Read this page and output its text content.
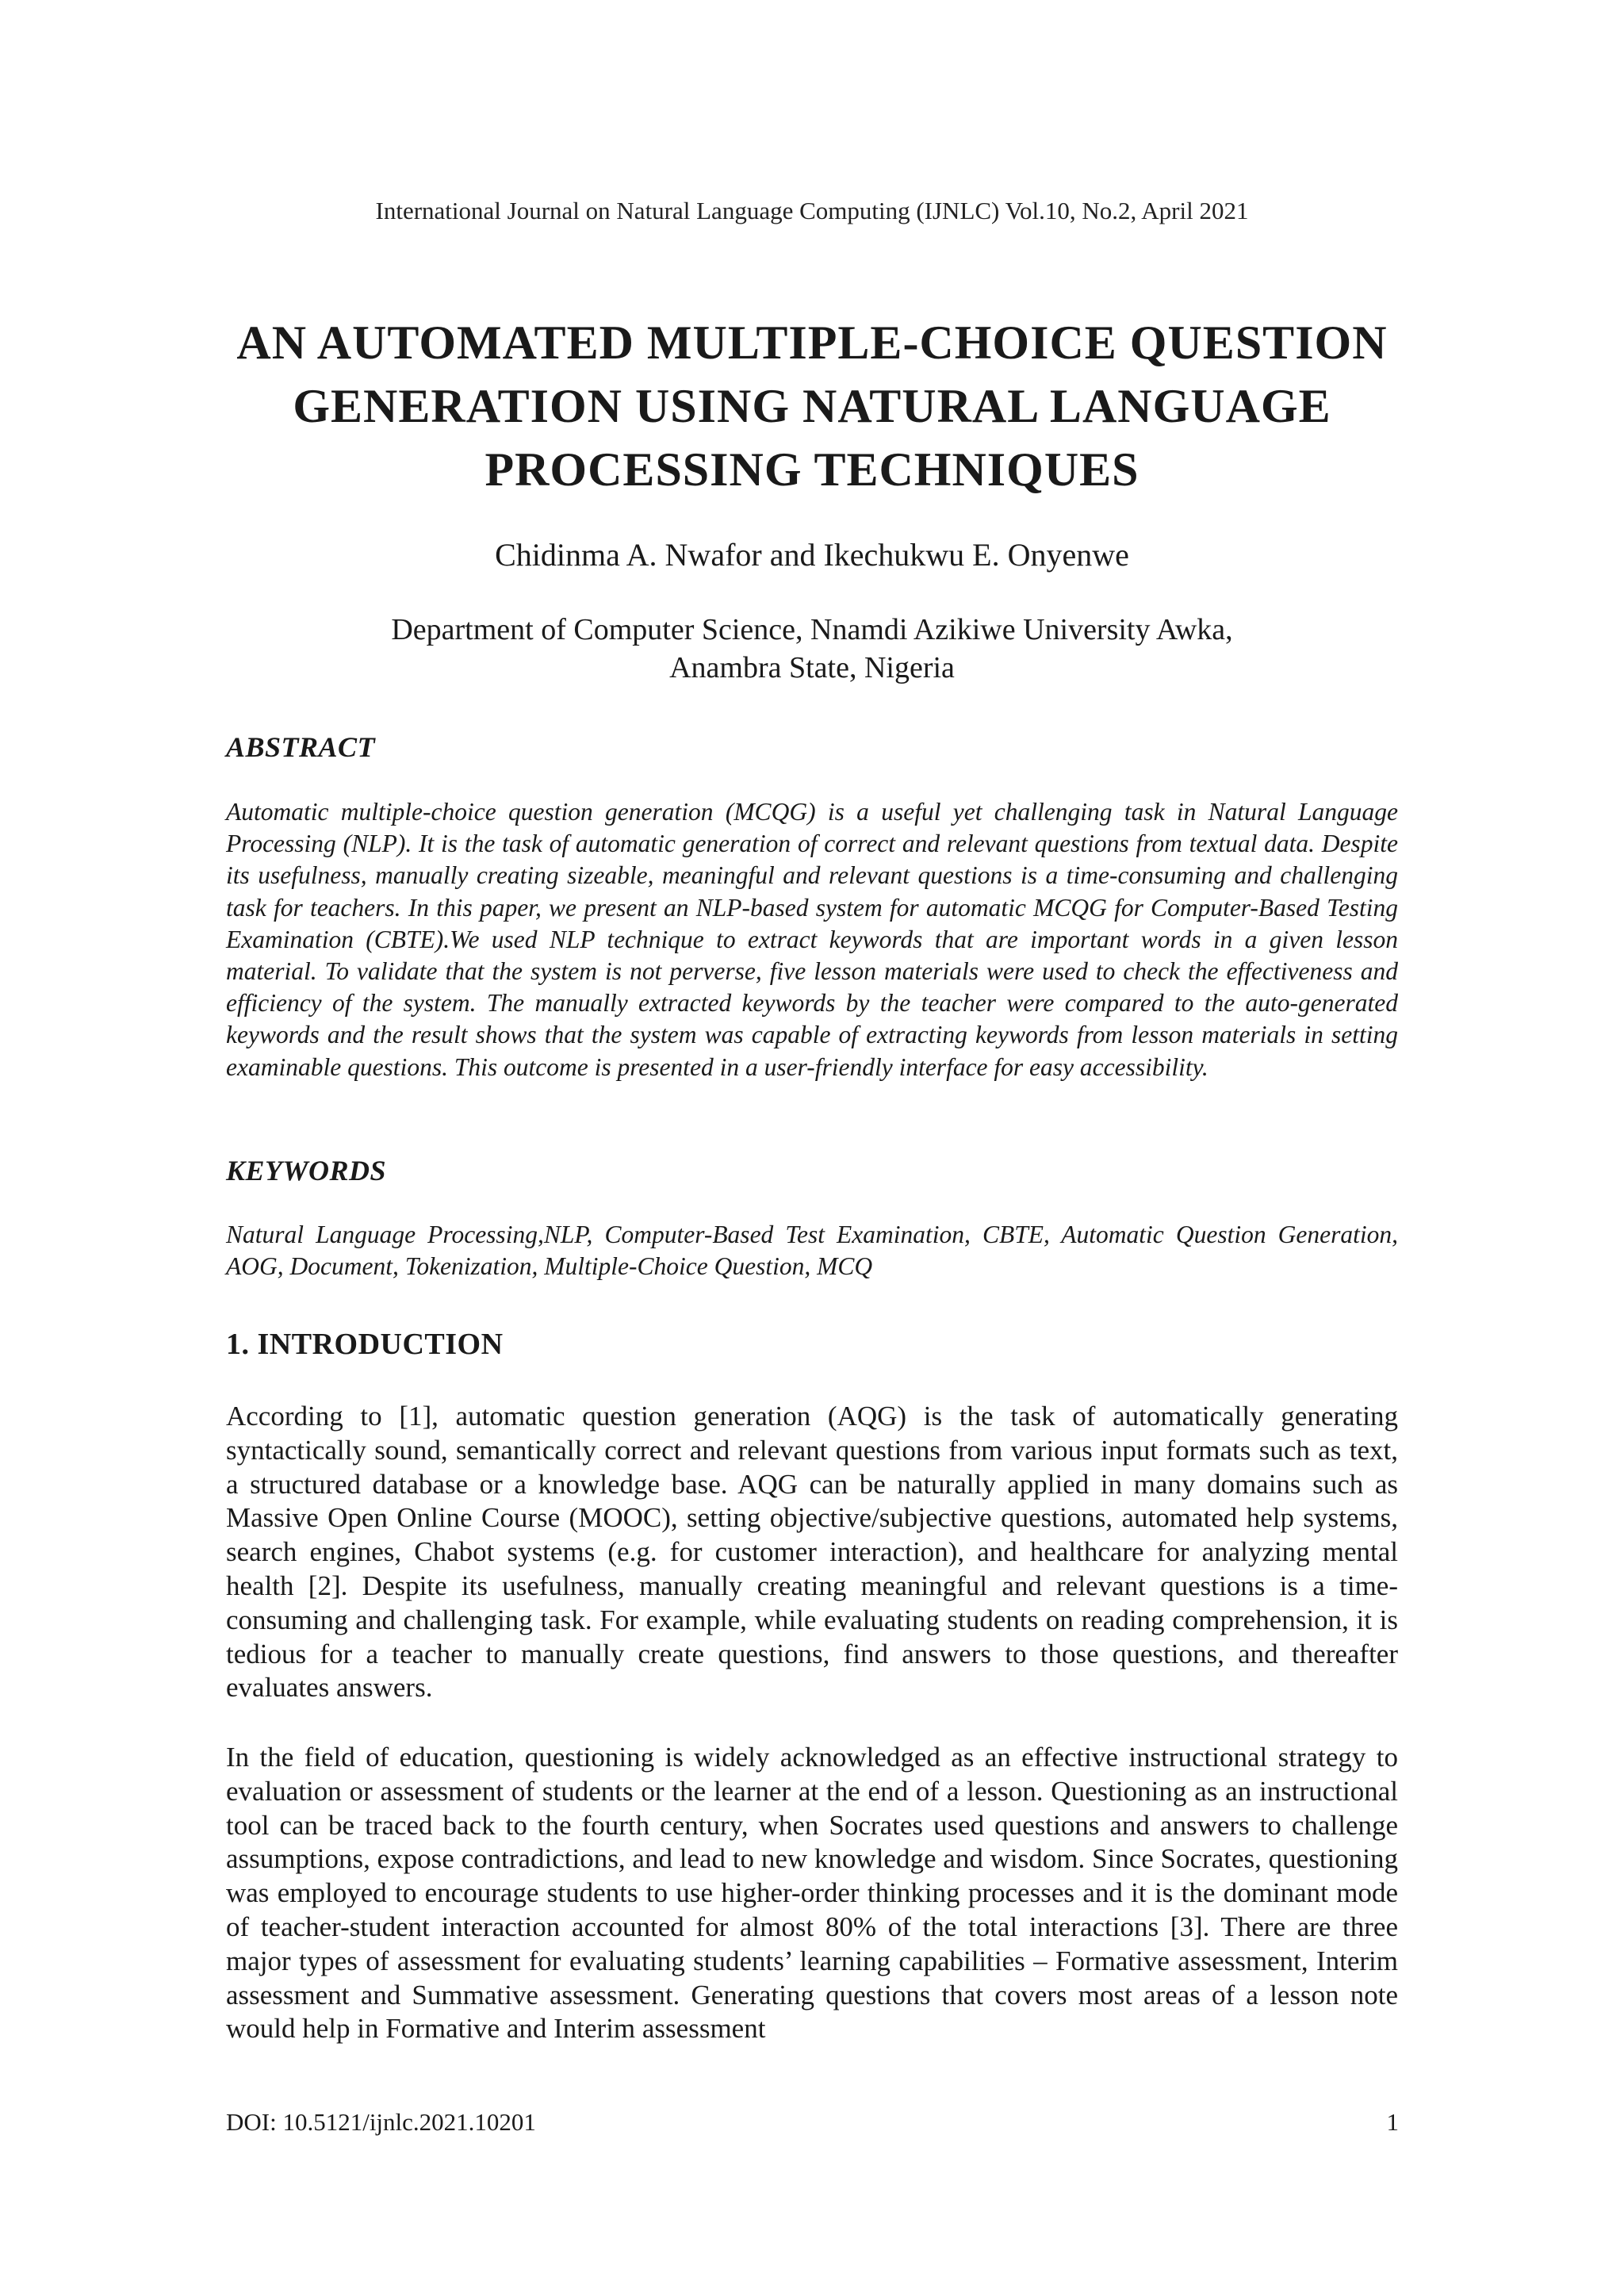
International Journal on Natural Language Computing (IJNLC) Vol.10, No.2, April 2021
AN AUTOMATED MULTIPLE-CHOICE QUESTION
GENERATION USING NATURAL LANGUAGE
PROCESSING TECHNIQUES
Chidinma A. Nwafor and Ikechukwu E. Onyenwe
Department of Computer Science, Nnamdi Azikiwe University Awka,
Anambra State, Nigeria
ABSTRACT
Automatic multiple-choice question generation (MCQG) is a useful yet challenging task in Natural Language Processing (NLP). It is the task of automatic generation of correct and relevant questions from textual data. Despite its usefulness, manually creating sizeable, meaningful and relevant questions is a time-consuming and challenging task for teachers. In this paper, we present an NLP-based system for automatic MCQG for Computer-Based Testing Examination (CBTE).We used NLP technique to extract keywords that are important words in a given lesson material. To validate that the system is not perverse, five lesson materials were used to check the effectiveness and efficiency of the system. The manually extracted keywords by the teacher were compared to the auto-generated keywords and the result shows that the system was capable of extracting keywords from lesson materials in setting examinable questions. This outcome is presented in a user-friendly interface for easy accessibility.
KEYWORDS
Natural Language Processing,NLP, Computer-Based Test Examination, CBTE, Automatic Question Generation, AOG, Document, Tokenization, Multiple-Choice Question, MCQ
1. INTRODUCTION
According to [1], automatic question generation (AQG) is the task of automatically generating syntactically sound, semantically correct and relevant questions from various input formats such as text, a structured database or a knowledge base. AQG can be naturally applied in many domains such as Massive Open Online Course (MOOC), setting objective/subjective questions, automated help systems, search engines, Chabot systems (e.g. for customer interaction), and healthcare for analyzing mental health [2]. Despite its usefulness, manually creating meaningful and relevant questions is a time-consuming and challenging task. For example, while evaluating students on reading comprehension, it is tedious for a teacher to manually create questions, find answers to those questions, and thereafter evaluates answers.
In the field of education, questioning is widely acknowledged as an effective instructional strategy to evaluation or assessment of students or the learner at the end of a lesson. Questioning as an instructional tool can be traced back to the fourth century, when Socrates used questions and answers to challenge assumptions, expose contradictions, and lead to new knowledge and wisdom. Since Socrates, questioning was employed to encourage students to use higher-order thinking processes and it is the dominant mode of teacher-student interaction accounted for almost 80% of the total interactions [3]. There are three major types of assessment for evaluating students’ learning capabilities – Formative assessment, Interim assessment and Summative assessment. Generating questions that covers most areas of a lesson note would help in Formative and Interim assessment
DOI: 10.5121/ijnlc.2021.10201	1
